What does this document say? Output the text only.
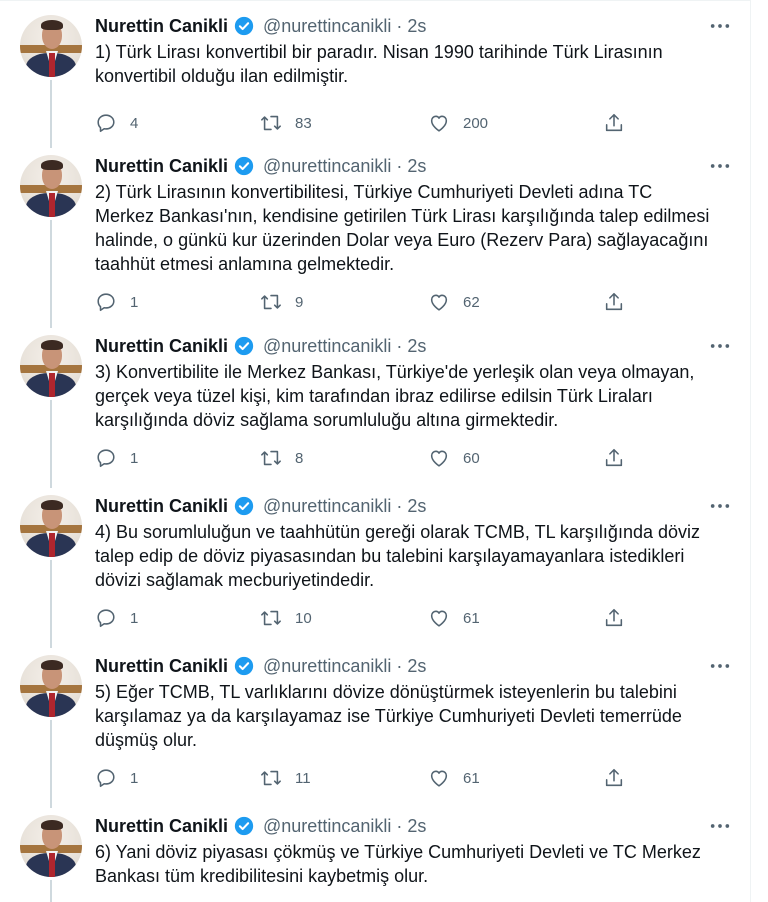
Nurettin Canikli @nurettincanikli · 2s
1) Türk Lirası konvertibil bir paradır. Nisan 1990 tarihinde Türk Lirasının konvertibil olduğu ilan edilmiştir.
4	83	200
Nurettin Canikli @nurettincanikli · 2s
2) Türk Lirasının konvertibilitesi, Türkiye Cumhuriyeti Devleti adına TC Merkez Bankası'nın, kendisine getirilen Türk Lirası karşılığında talep edilmesi halinde, o günkü kur üzerinden Dolar veya Euro (Rezerv Para) sağlayacağını taahhüt etmesi anlamına gelmektedir.
1	9	62
Nurettin Canikli @nurettincanikli · 2s
3) Konvertibilite ile Merkez Bankası, Türkiye'de yerleşik olan veya olmayan, gerçek veya tüzel kişi, kim tarafından ibraz edilirse edilsin Türk Liraları karşılığında döviz sağlama sorumluluğu altına girmektedir.
1	8	60
Nurettin Canikli @nurettincanikli · 2s
4) Bu sorumluluğun ve taahhütün gereği olarak TCMB, TL karşılığında döviz talep edip de döviz piyasasından bu talebini karşılayamayanlara istedikleri dövizi sağlamak mecburiyetindedir.
1	10	61
Nurettin Canikli @nurettincanikli · 2s
5) Eğer TCMB, TL varlıklarını dövize dönüştürmek isteyenlerin bu talebini karşılamaz ya da karşılayamaz ise Türkiye Cumhuriyeti Devleti temerrüde düşmüş olur.
1	11	61
Nurettin Canikli @nurettincanikli · 2s
6) Yani döviz piyasası çökmüş ve Türkiye Cumhuriyeti Devleti ve TC Merkez Bankası tüm kredibilitesini kaybetmiş olur.
